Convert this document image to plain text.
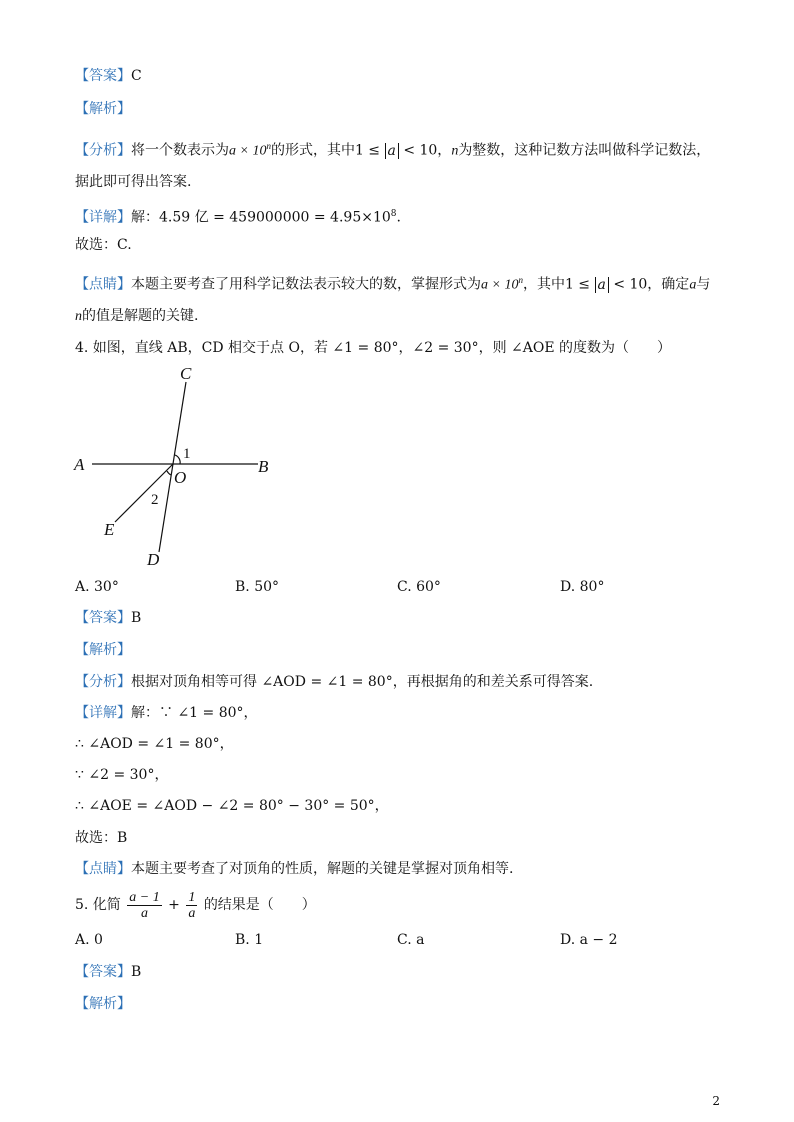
【答案】C
【解析】
【分析】将一个数表示为$a \times 10^n$的形式，其中1 ≤ a < 10，n为整数，这种记数方法叫做科学记数法，
据此即可得出答案.
【详解】解：4.59 亿 = $459000000 = 4.95\times 10^8$.
故选：C.
【点睛】本题主要考查了用科学记数法表示较大的数，掌握形式为$a \times 10^n$，其中1 ≤ a < 10，确定a与
n的值是解题的关键.
4. 如图，直线 AB，CD 相交于点 O，若 ∠1 = 80°，∠2 = 30°，则 ∠AOE 的度数为（　　）
C
A	B
O
E
D
1
2
A. 30°	B. 50°	C. 60°	D. 80°
【答案】B
【解析】
【分析】根据对顶角相等可得 ∠AOD = ∠1 = 80°，再根据角的和差关系可得答案.
【详解】解：∵ ∠1 = 80°，
∴ ∠AOD = ∠1 = 80°，
∵ ∠2 = 30°，
∴ ∠AOE = ∠AOD − ∠2 = 80° − 30° = 50°，
故选：B
【点睛】本题主要考查了对顶角的性质，解题的关键是掌握对顶角相等.
5. 化简 $\frac{a - 1}{a} + \frac{1}{a}$ 的结果是（　　）
A. 0	B. 1	C. a	D. a − 2
【答案】B
【解析】
2
